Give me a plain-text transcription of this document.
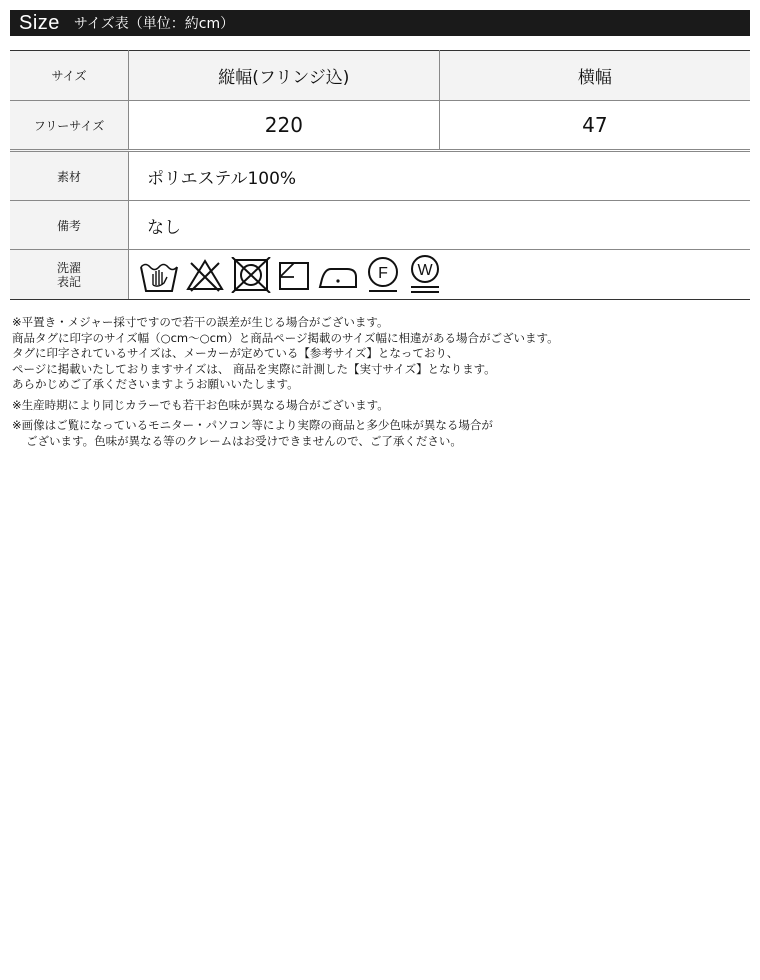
Size サイズ表（単位：約cm）
サイズ	縦幅(フリンジ込)	横幅
フリーサイズ	220	47
素材	ポリエステル100%	
備考	なし	
洗濯
表記	F W	

※平置き・メジャー採寸ですので若干の誤差が生じる場合がございます。

商品タグに印字のサイズ幅（○cm〜○cm）と商品ページ掲載のサイズ幅に相違がある場合がございます。

タグに印字されているサイズは、メーカーが定めている【参考サイズ】となっており、

ページに掲載いたしておりますサイズは、 商品を実際に計測した【実寸サイズ】となります。

あらかじめご了承くださいますようお願いいたします。

※生産時期により同じカラーでも若干お色味が異なる場合がございます。

※画像はご覧になっているモニター・パソコン等により実際の商品と多少色味が異なる場合が

ございます。色味が異なる等のクレームはお受けできませんので、ご了承ください。
